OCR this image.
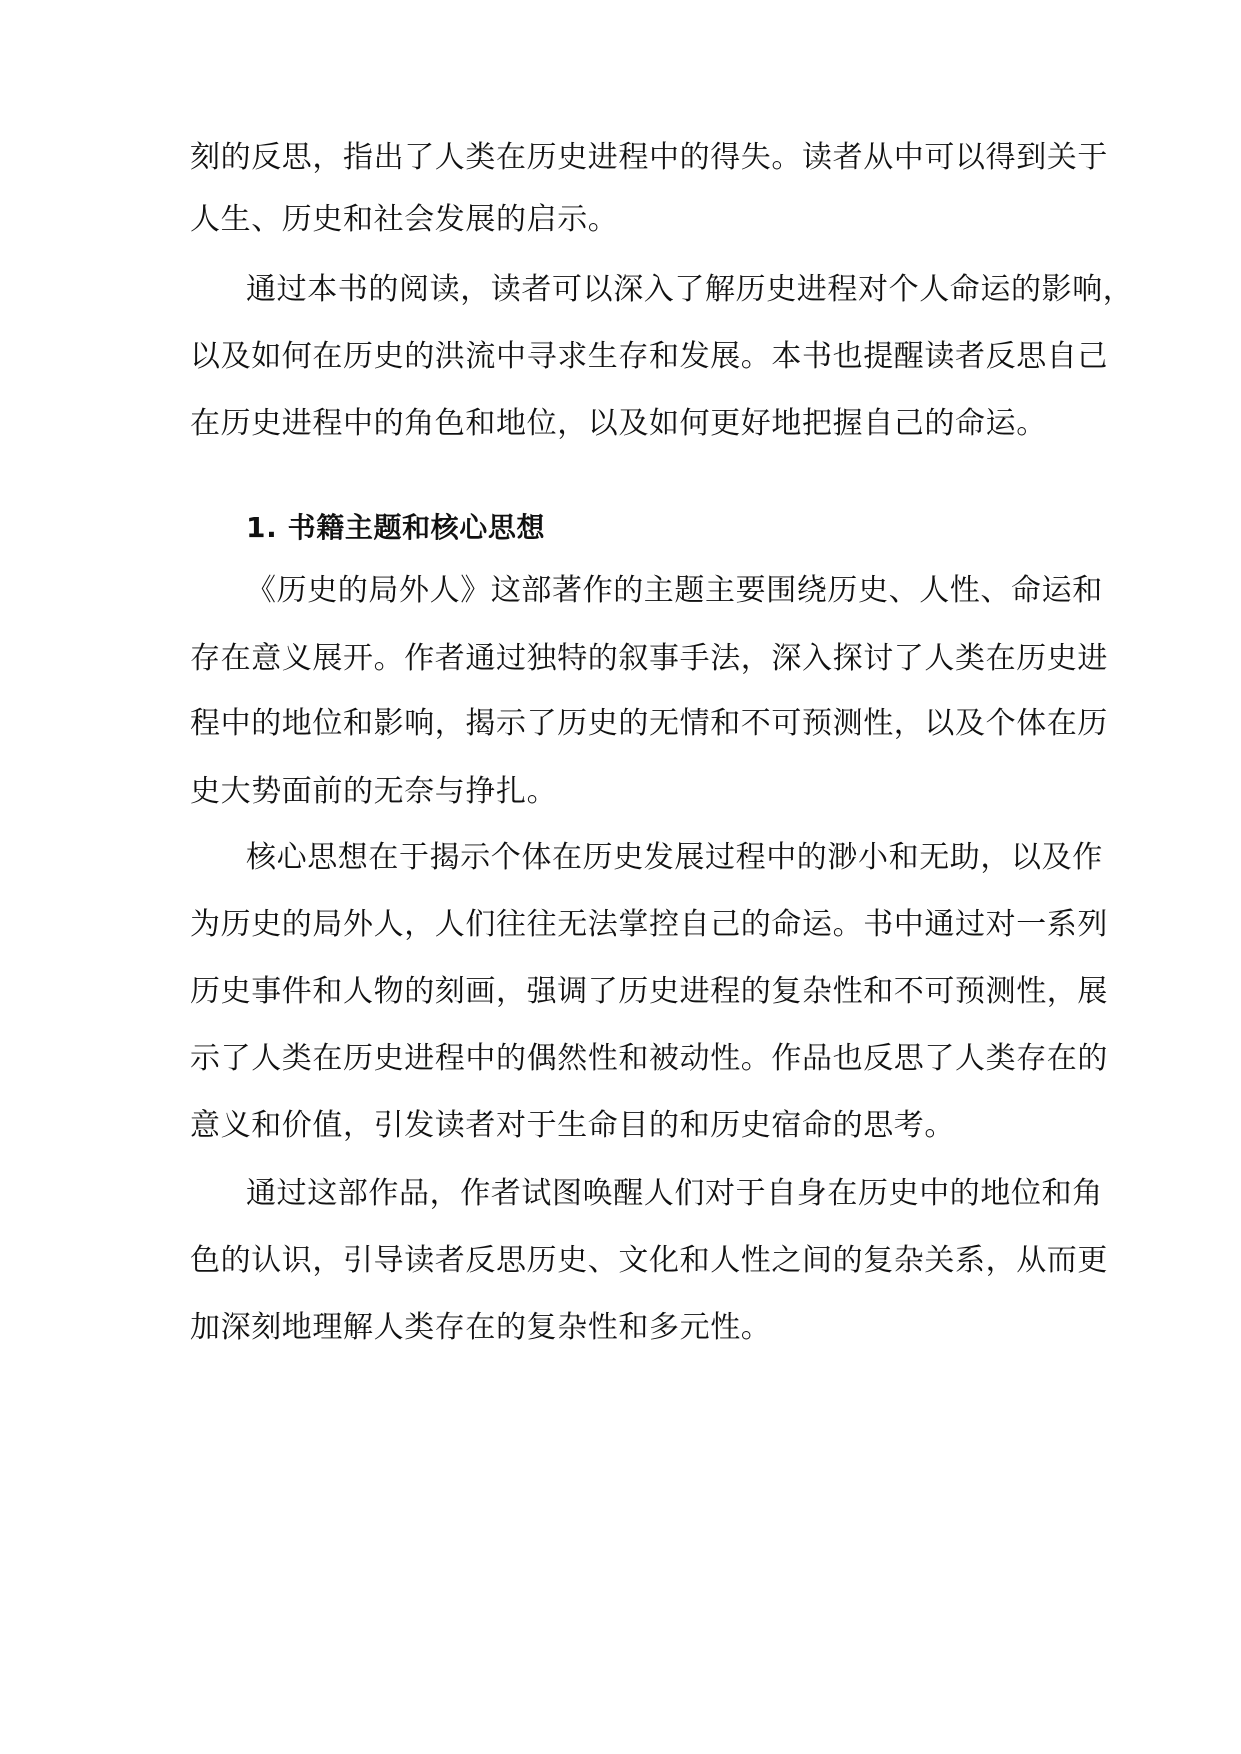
刻的反思，指出了人类在历史进程中的得失。读者从中可以得到关于
人生、历史和社会发展的启示。
通过本书的阅读，读者可以深入了解历史进程对个人命运的影响，
以及如何在历史的洪流中寻求生存和发展。本书也提醒读者反思自己
在历史进程中的角色和地位，以及如何更好地把握自己的命运。
1. 书籍主题和核心思想
《历史的局外人》这部著作的主题主要围绕历史、人性、命运和
存在意义展开。作者通过独特的叙事手法，深入探讨了人类在历史进
程中的地位和影响，揭示了历史的无情和不可预测性，以及个体在历
史大势面前的无奈与挣扎。
核心思想在于揭示个体在历史发展过程中的渺小和无助，以及作
为历史的局外人，人们往往无法掌控自己的命运。书中通过对一系列
历史事件和人物的刻画，强调了历史进程的复杂性和不可预测性，展
示了人类在历史进程中的偶然性和被动性。作品也反思了人类存在的
意义和价值，引发读者对于生命目的和历史宿命的思考。
通过这部作品，作者试图唤醒人们对于自身在历史中的地位和角
色的认识，引导读者反思历史、文化和人性之间的复杂关系，从而更
加深刻地理解人类存在的复杂性和多元性。
